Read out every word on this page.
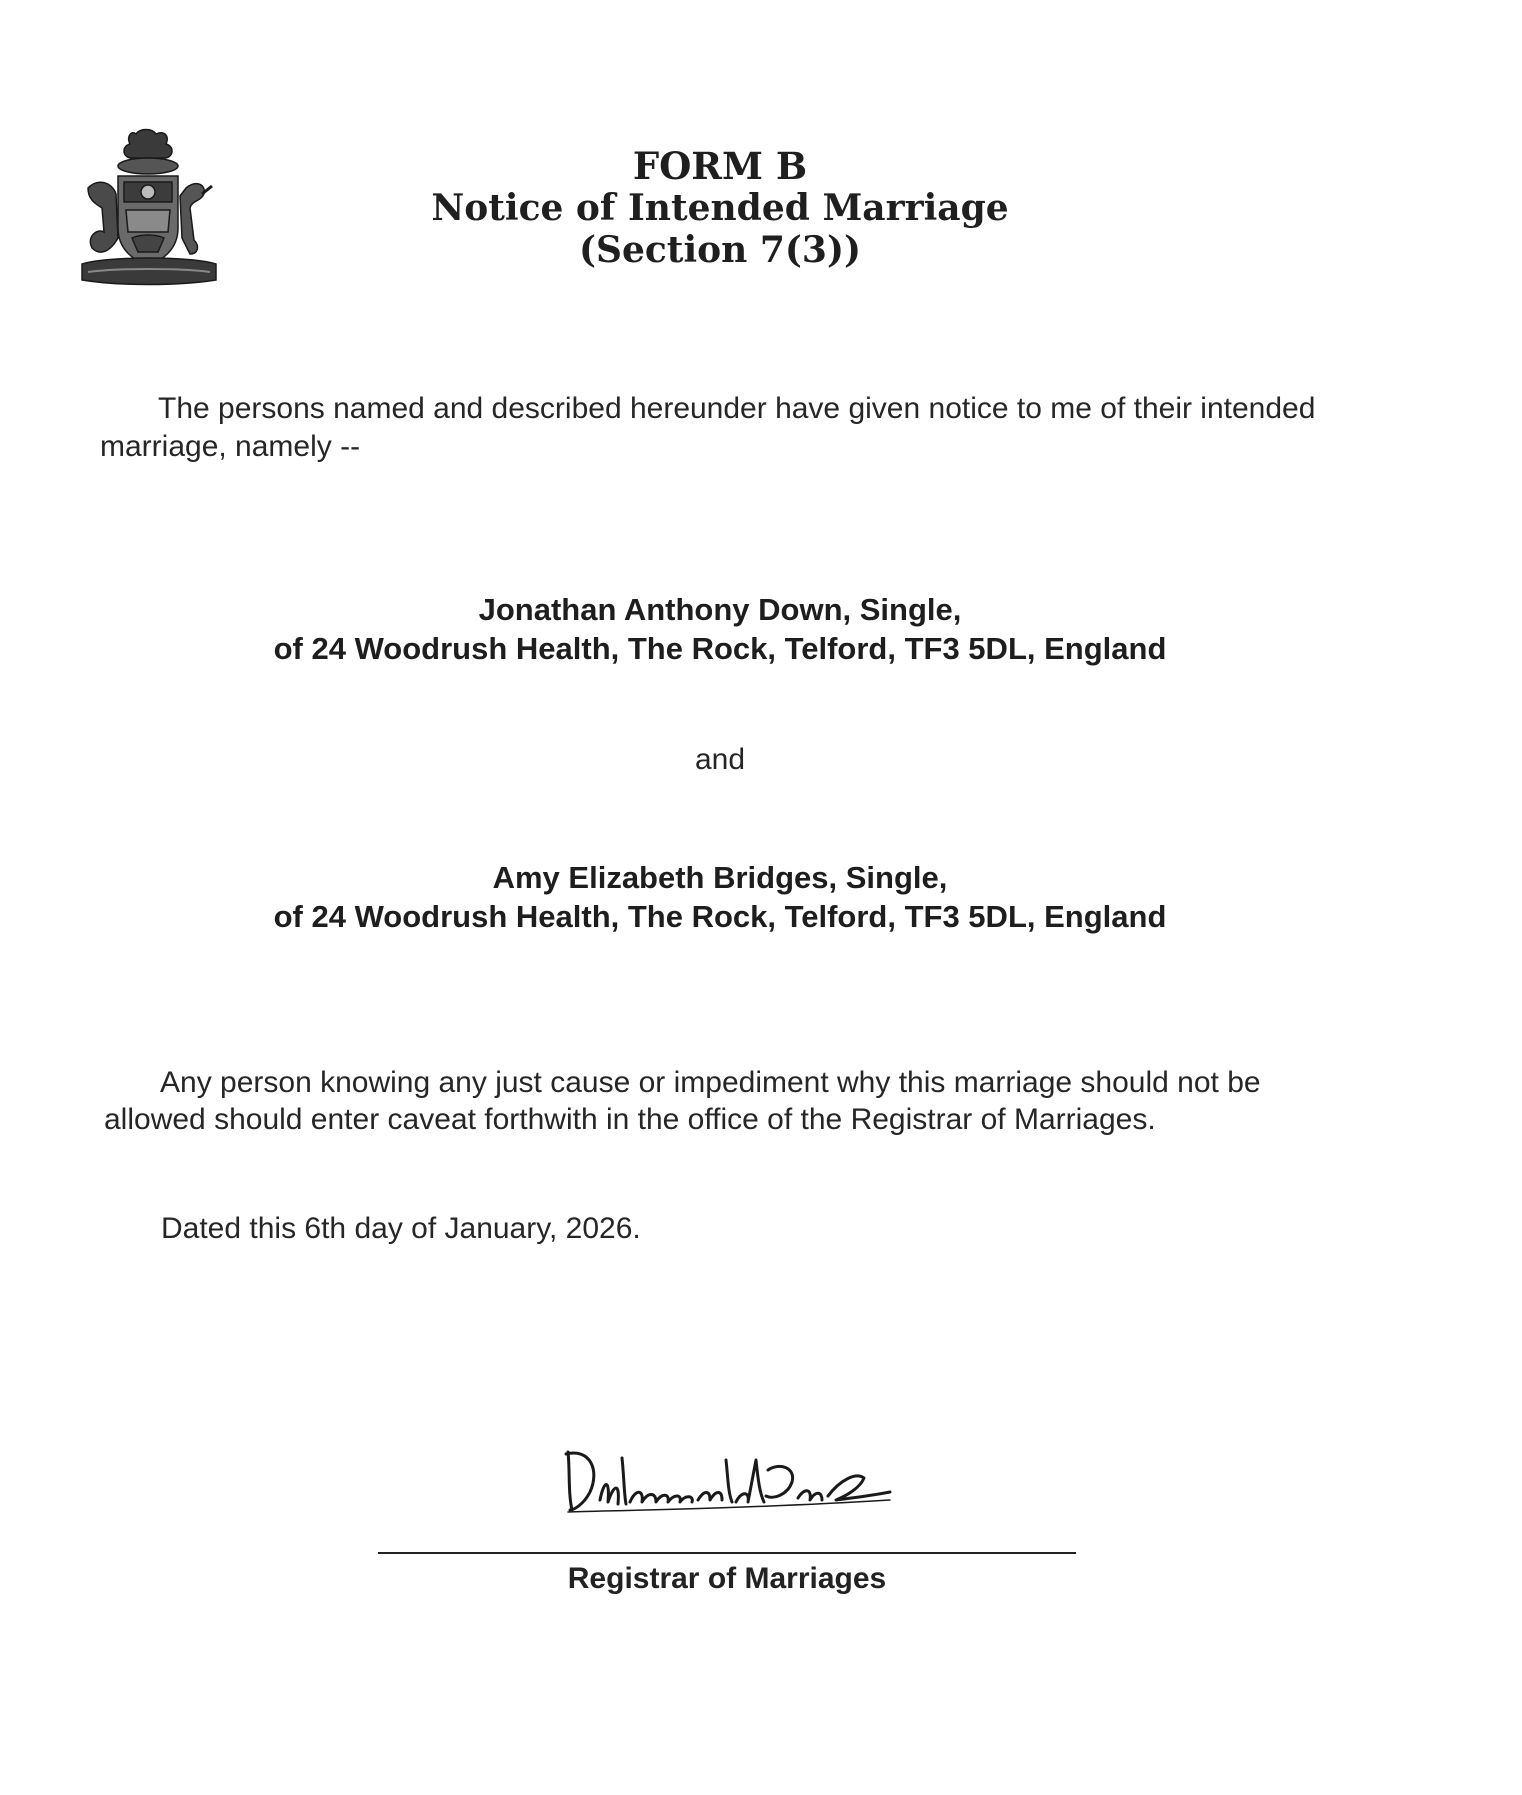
FORM B
Notice of Intended Marriage
(Section 7(3))
The persons named and described hereunder have given notice to me of their intended marriage, namely --
Jonathan Anthony Down, Single,
of 24 Woodrush Health, The Rock, Telford, TF3 5DL, England
and
Amy Elizabeth Bridges, Single,
of 24 Woodrush Health, The Rock, Telford, TF3 5DL, England
Any person knowing any just cause or impediment why this marriage should not be allowed should enter caveat forthwith in the office of the Registrar of Marriages.
Dated this 6th day of January, 2026.
Registrar of Marriages
